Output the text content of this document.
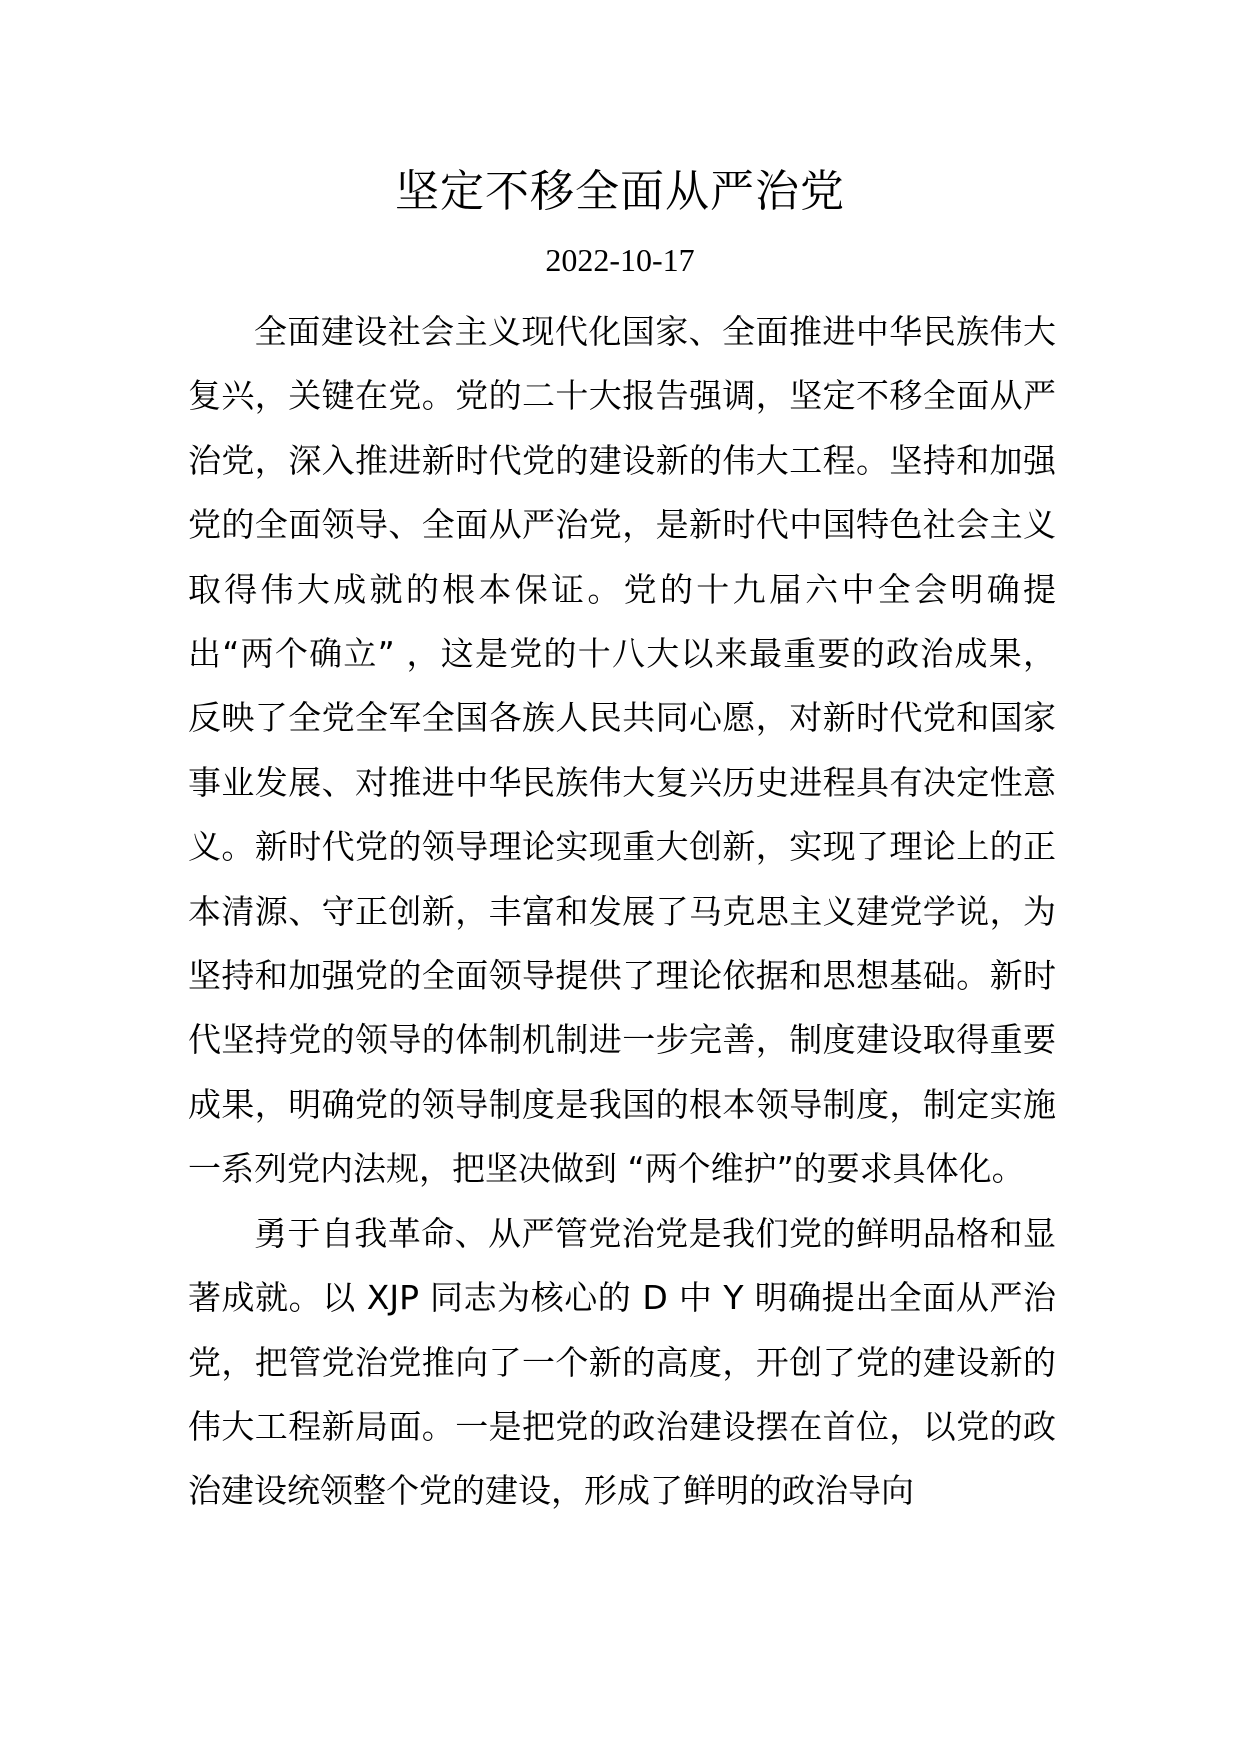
坚定不移全面从严治党
2022-10-17

全面建设社会主义现代化国家、全面推进中华民族伟大复兴，关键在党。党的二十大报告强调，坚定不移全面从严治党，深入推进新时代党的建设新的伟大工程。坚持和加强党的全面领导、全面从严治党，是新时代中国特色社会主义取得伟大成就的根本保证。党的十九届六中全会明确提出“两个确立” ，这是党的十八大以来最重要的政治成果，反映了全党全军全国各族人民共同心愿，对新时代党和国家事业发展、对推进中华民族伟大复兴历史进程具有决定性意义。新时代党的领导理论实现重大创新，实现了理论上的正本清源、守正创新，丰富和发展了马克思主义建党学说，为坚持和加强党的全面领导提供了理论依据和思想基础。新时代坚持党的领导的体制机制进一步完善，制度建设取得重要成果，明确党的领导制度是我国的根本领导制度，制定实施一系列党内法规，把坚决做到 “两个维护”的要求具体化。

勇于自我革命、从严管党治党是我们党的鲜明品格和显著成就。以 XJP 同志为核心的 D 中 Y 明确提出全面从严治党，把管党治党推向了一个新的高度，开创了党的建设新的伟大工程新局面。一是把党的政治建设摆在首位，以党的政治建设统领整个党的建设，形成了鲜明的政治导向
